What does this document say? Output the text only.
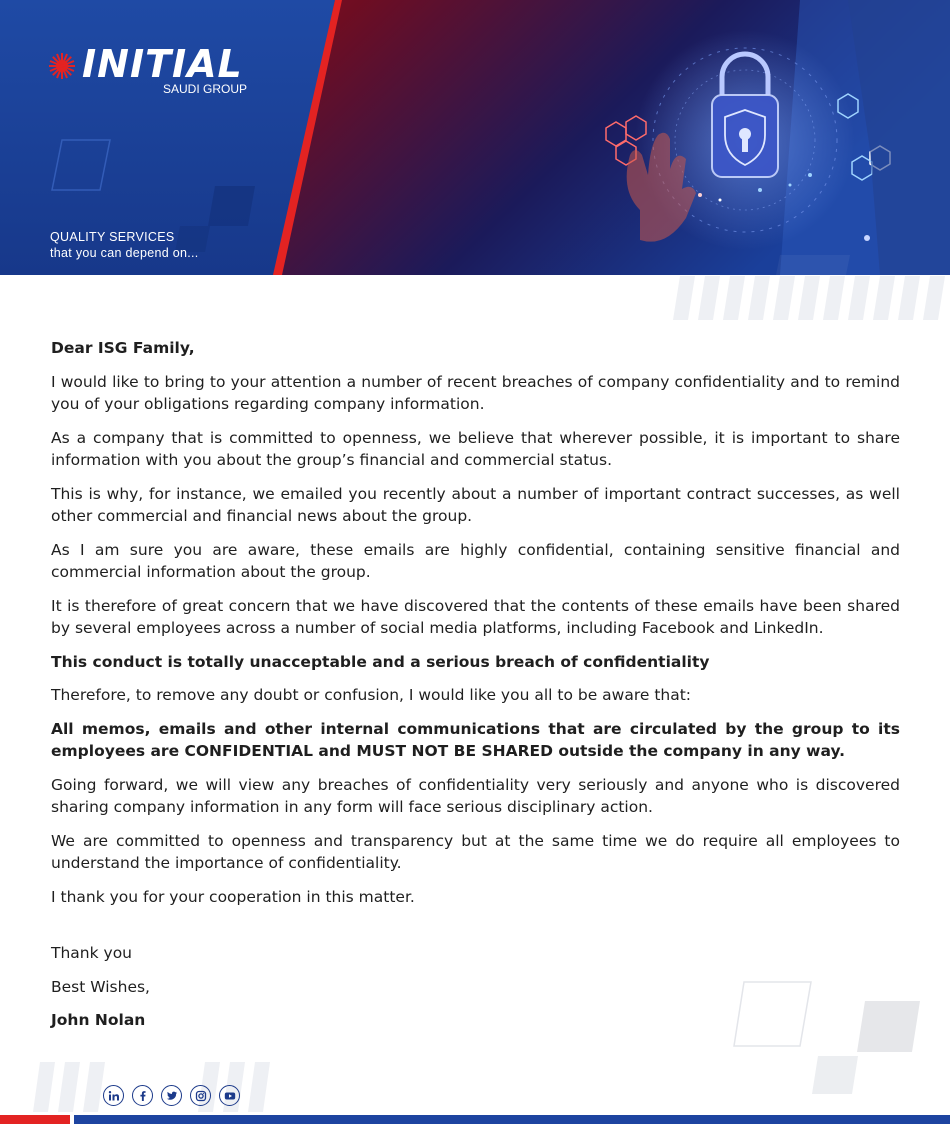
INITIAL
SAUDI GROUP
QUALITY SERVICES
that you can depend on...

Dear ISG Family,

I would like to bring to your attention a number of recent breaches of company confidentiality and to remind you of your obligations regarding company information.

As a company that is committed to openness, we believe that wherever possible, it is important to share information with you about the group’s financial and commercial status.

This is why, for instance, we emailed you recently about a number of important contract successes, as well other commercial and financial news about the group.

As I am sure you are aware, these emails are highly confidential, containing sensitive financial and commercial information about the group.

It is therefore of great concern that we have discovered that the contents of these emails have been shared by several employees across a number of social media platforms, including Facebook and LinkedIn.

This conduct is totally unacceptable and a serious breach of confidentiality

Therefore, to remove any doubt or confusion, I would like you all to be aware that:

All memos, emails and other internal communications that are circulated by the group to its employees are CONFIDENTIAL and MUST NOT BE SHARED outside the company in any way.

Going forward, we will view any breaches of confidentiality very seriously and anyone who is discovered sharing company information in any form will face serious disciplinary action.

We are committed to openness and transparency but at the same time we do require all employees to understand the importance of confidentiality.

I thank you for your cooperation in this matter.

Thank you

Best Wishes,

John Nolan
